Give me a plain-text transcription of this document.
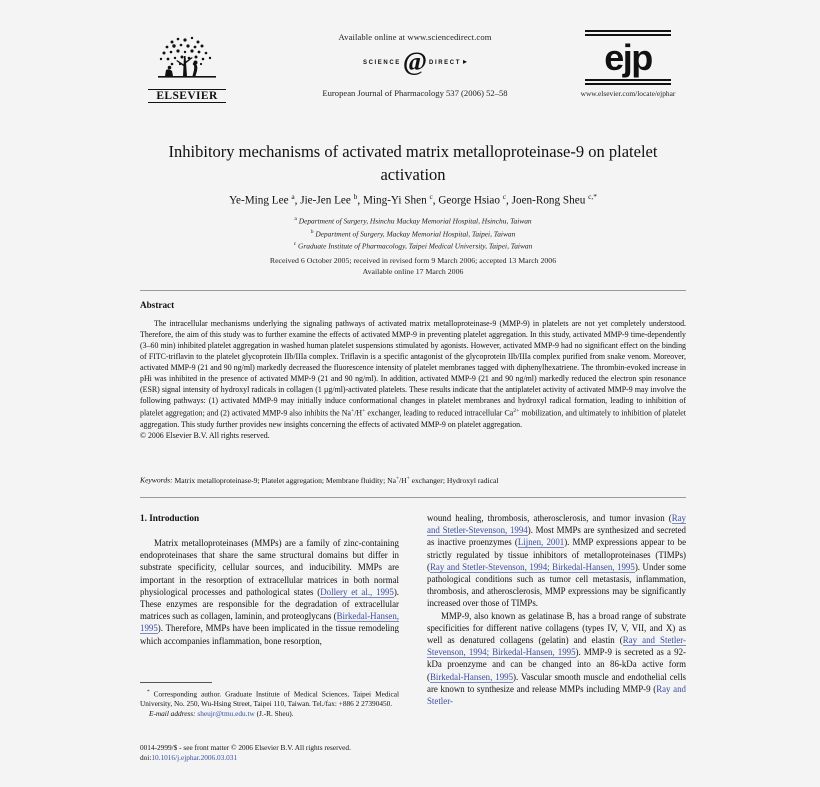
ELSEVIER
Available online at www.sciencedirect.com
science @ direct ▸
European Journal of Pharmacology 537 (2006) 52–58
ejp
www.elsevier.com/locate/ejphar
Inhibitory mechanisms of activated matrix metalloproteinase-9 on platelet activation
Ye-Ming Lee $^a$, Jie-Jen Lee $^b$, Ming-Yi Shen $^c$, George Hsiao $^c$, Joen-Rong Sheu $^{c,*}$
$^a$ Department of Surgery, Hsinchu Mackay Memorial Hospital, Hsinchu, Taiwan
$^b$ Department of Surgery, Mackay Memorial Hospital, Taipei, Taiwan
$^c$ Graduate Institute of Pharmacology, Taipei Medical University, Taipei, Taiwan
Received 6 October 2005; received in revised form 9 March 2006; accepted 13 March 2006
Available online 17 March 2006
Abstract

The intracellular mechanisms underlying the signaling pathways of activated matrix metalloproteinase-9 (MMP-9) in platelets are not yet completely understood. Therefore, the aim of this study was to further examine the effects of activated MMP-9 in preventing platelet aggregation. In this study, activated MMP-9 time-dependently (3–60 min) inhibited platelet aggregation in washed human platelet suspensions stimulated by agonists. However, activated MMP-9 had no significant effect on the binding of FITC-triflavin to the platelet glycoprotein IIb/IIIa complex. Triflavin is a specific antagonist of the glycoprotein IIb/IIIa complex purified from snake venom. Moreover, activated MMP-9 (21 and 90 ng/ml) markedly decreased the fluorescence intensity of platelet membranes tagged with diphenylhexatriene. The thrombin-evoked increase in pHi was inhibited in the presence of activated MMP-9 (21 and 90 ng/ml). In addition, activated MMP-9 (21 and 90 ng/ml) markedly reduced the electron spin resonance (ESR) signal intensity of hydroxyl radicals in collagen (1 µg/ml)-activated platelets. These results indicate that the antiplatelet activity of activated MMP-9 may involve the following pathways: (1) activated MMP-9 may initially induce conformational changes in platelet membranes and hydroxyl radical formation, leading to inhibition of platelet aggregation; and (2) activated MMP-9 also inhibits the Na+/H+ exchanger, leading to reduced intracellular $Ca^{2+}$ mobilization, and ultimately to inhibition of platelet aggregation. This study further provides new insights concerning the effects of activated MMP-9 on platelet aggregation.

© 2006 Elsevier B.V. All rights reserved.

Keywords: Matrix metalloproteinase-9; Platelet aggregation; Membrane fluidity; Na+/H+ exchanger; Hydroxyl radical
1. Introduction

Matrix metalloproteinases (MMPs) are a family of zinc-containing endoproteinases that share the same structural domains but differ in substrate specificity, cellular sources, and inducibility. MMPs are important in the resorption of extracellular matrices in both normal physiological processes and pathological states (Dollery et al., 1995). These enzymes are responsible for the degradation of extracellular matrices such as collagen, laminin, and proteoglycans (Birkedal-Hansen, 1995). Therefore, MMPs have been implicated in the tissue remodeling which accompanies inflammation, bone resorption,

* Corresponding author. Graduate Institute of Medical Sciences, Taipei Medical University, No. 250, Wu-Hsing Street, Taipei 110, Taiwan. Tel./fax: +886 2 27390450.

E-mail address: sheujr@tmu.edu.tw (J.-R. Sheu).

0014-2999/$ - see front matter © 2006 Elsevier B.V. All rights reserved.

doi:10.1016/j.ejphar.2006.03.031

wound healing, thrombosis, atherosclerosis, and tumor invasion (Ray and Stetler-Stevenson, 1994). Most MMPs are synthesized and secreted as inactive proenzymes (Lijnen, 2001). MMP expressions appear to be strictly regulated by tissue inhibitors of metalloproteinases (TIMPs) (Ray and Stetler-Stevenson, 1994; Birkedal-Hansen, 1995). Under some pathological conditions such as tumor cell metastasis, inflammation, thrombosis, and atherosclerosis, MMP expressions may be significantly increased over those of TIMPs.

MMP-9, also known as gelatinase B, has a broad range of substrate specificities for different native collagens (types IV, V, VII, and X) as well as denatured collagens (gelatin) and elastin (Ray and Stetler-Stevenson, 1994; Birkedal-Hansen, 1995). MMP-9 is secreted as a 92-kDa proenzyme and can be changed into an 86-kDa active form (Birkedal-Hansen, 1995). Vascular smooth muscle and endothelial cells are known to synthesize and release MMPs including MMP-9 (Ray and Stetler-
